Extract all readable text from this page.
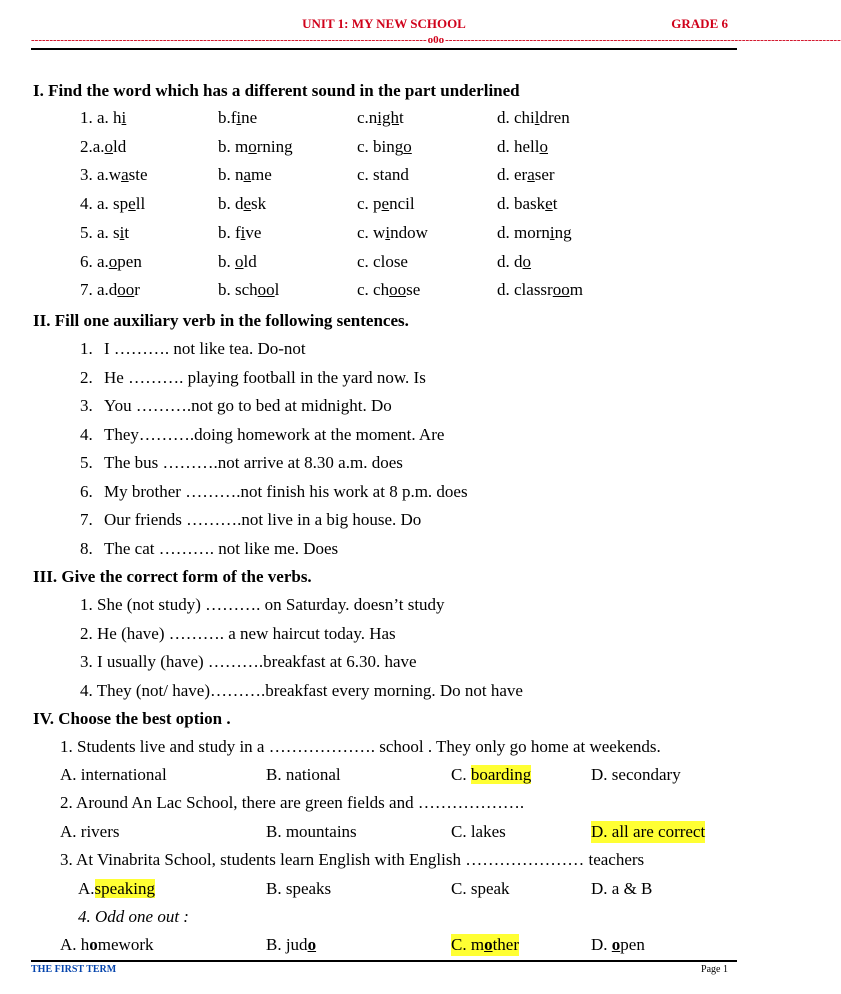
UNIT 1: MY NEW SCHOOL	GRADE 6
------------------------------------------------------------------------------------------------------------o0o------------------------------------------------------------------------------------------------------------
I. Find the word which has a different sound in the part underlined
1. a. hi	b.fine	c.night	d. children
2.a.old	b. morning	c. bingo	d. hello
3. a.waste	b. name	c. stand	d. eraser
4. a. spell	b. desk	c. pencil	d. basket
5. a. sit	b. five	c. window	d. morning
6. a.open	b. old	c. close	d. do
7. a.door	b. school	c. choose	d. classroom
II. Fill one auxiliary verb in the following sentences.
1. I ………. not like tea. Do-not
2. He ………. playing football in the yard now. Is
3. You ……….not go to bed at midnight. Do
4. They……….doing homework at the moment. Are
5. The bus ……….not arrive at 8.30 a.m. does
6. My brother ……….not finish his work at 8 p.m. does
7. Our friends ……….not live in a big house. Do
8. The cat ………. not like me. Does
III. Give the correct form of the verbs.
1. She (not study) ………. on Saturday. doesn’t study
2. He (have) ………. a new haircut today. Has
3. I usually (have) ……….breakfast at 6.30. have
4. They (not/ have)……….breakfast every morning. Do not have
IV. Choose the best option .
1. Students live and study in a ………………. school . They only go home at weekends.
A. international	B. national	C. boarding	D. secondary
2. Around An Lac School, there are green fields and ……………….
A. rivers	B. mountains	C. lakes	D. all are correct
3. At Vinabrita School, students learn English with English ………………… teachers
A.speaking	B. speaks	C. speak	D. a & B
4. Odd one out :
A. homework	B. judo	C. mother	D. open
THE FIRST TERM	Page 1
